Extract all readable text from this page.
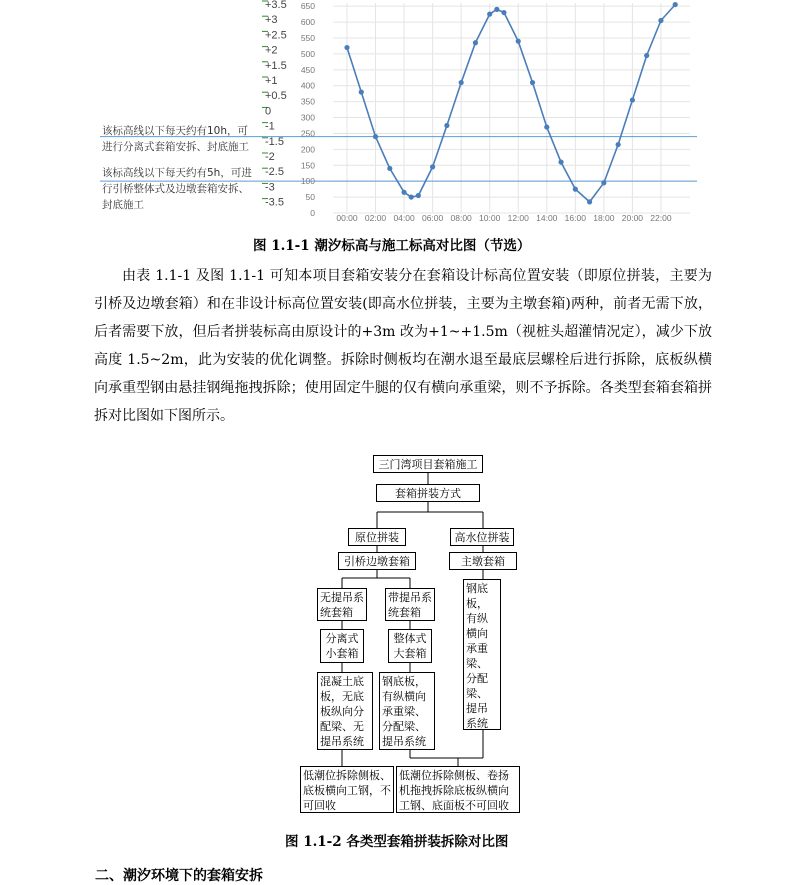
+3.5
+3
+2.5
+2
+1.5
+1
+0.5
0
-1
-1.5
-2
-2.5
-3
-3.5
0
50
100
150
200
250
300
350
400
450
500
550
600
650
00:00 02:00 04:00 06:00 08:00 10:00 12:00 14:00 16:00 18:00 20:00 22:00
该标高线以下每天约有10h，可
进行分离式套箱安拆、封底施工
该标高线以下每天约有5h，可进
行引桥整体式及边墩套箱安拆、
封底施工
图 1.1-1 潮汐标高与施工标高对比图（节选）

由表 1.1-1 及图 1.1-1 可知本项目套箱安装分在套箱设计标高位置安装（即原位拼装，主要为引桥及边墩套箱）和在非设计标高位置安装(即高水位拼装，主要为主墩套箱)两种，前者无需下放，后者需要下放，但后者拼装标高由原设计的+3m 改为+1~+1.5m（视桩头超灌情况定），减少下放高度 1.5~2m，此为安装的优化调整。拆除时侧板均在潮水退至最底层螺栓后进行拆除，底板纵横向承重型钢由悬挂钢绳拖拽拆除；使用固定牛腿的仅有横向承重梁，则不予拆除。各类型套箱套箱拼拆对比图如下图所示。

三门湾项目套箱施工
套箱拼装方式
原位拼装	高水位拼装
引桥边墩套箱	主墩套箱
无提吊系统套箱
带提吊系统套箱
分离式小套箱
整体式大套箱
混凝土底板，无底板纵向分配梁、无提吊系统
钢底板，有纵横向承重梁、分配梁、提吊系统
钢底板，有纵横向承重梁、分配梁、提吊系统
低潮位拆除侧板、底板横向工钢，不可回收
低潮位拆除侧板、卷扬机拖拽拆除底板纵横向工钢、底面板不可回收
图 1.1-2 各类型套箱拼装拆除对比图
二、潮汐环境下的套箱安拆
